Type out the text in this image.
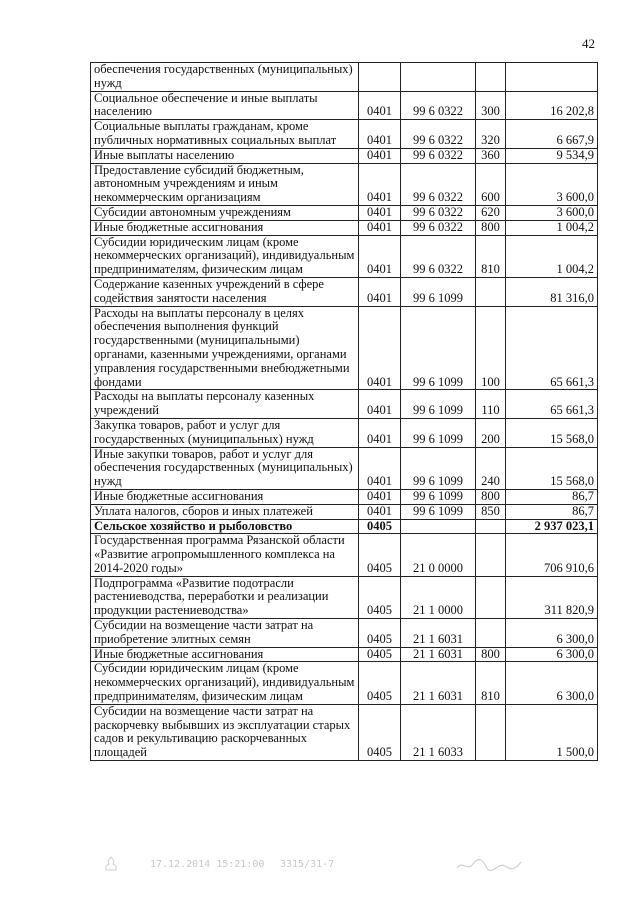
42
обеспечения государственных (муниципальных) нужд				
Социальное обеспечение и иные выплаты населению	0401	99 6 0322	300	16 202,8
Социальные выплаты гражданам, кроме публичных нормативных социальных выплат	0401	99 6 0322	320	6 667,9
Иные выплаты населению	0401	99 6 0322	360	9 534,9
Предоставление субсидий бюджетным, автономным учреждениям и иным некоммерческим организациям	0401	99 6 0322	600	3 600,0
Субсидии автономным учреждениям	0401	99 6 0322	620	3 600,0
Иные бюджетные ассигнования	0401	99 6 0322	800	1 004,2
Субсидии юридическим лицам (кроме некоммерческих организаций), индивидуальным предпринимателям, физическим лицам	0401	99 6 0322	810	1 004,2
Содержание казенных учреждений в сфере содействия занятости населения	0401	99 6 1099		81 316,0
Расходы на выплаты персоналу в целях обеспечения выполнения функций государственными (муниципальными) органами, казенными учреждениями, органами управления государственными внебюджетными фондами	0401	99 6 1099	100	65 661,3
Расходы на выплаты персоналу казенных учреждений	0401	99 6 1099	110	65 661,3
Закупка товаров, работ и услуг для государственных (муниципальных) нужд	0401	99 6 1099	200	15 568,0
Иные закупки товаров, работ и услуг для обеспечения государственных (муниципальных) нужд	0401	99 6 1099	240	15 568,0
Иные бюджетные ассигнования	0401	99 6 1099	800	86,7
Уплата налогов, сборов и иных платежей	0401	99 6 1099	850	86,7
Сельское хозяйство и рыболовство	0405			2 937 023,1
Государственная программа Рязанской области «Развитие агропромышленного комплекса на 2014-2020 годы»	0405	21 0 0000		706 910,6
Подпрограмма «Развитие подотрасли растениеводства, переработки и реализации продукции растениеводства»	0405	21 1 0000		311 820,9
Субсидии на возмещение части затрат на приобретение элитных семян	0405	21 1 6031		6 300,0
Иные бюджетные ассигнования	0405	21 1 6031	800	6 300,0
Субсидии юридическим лицам (кроме некоммерческих организаций), индивидуальным предпринимателям, физическим лицам	0405	21 1 6031	810	6 300,0
Субсидии на возмещение части затрат на раскорчевку выбывших из эксплуатации старых садов и рекультивацию раскорчеванных площадей	0405	21 1 6033		1 500,0
17.12.2014 15:21:00 3315/31-7
